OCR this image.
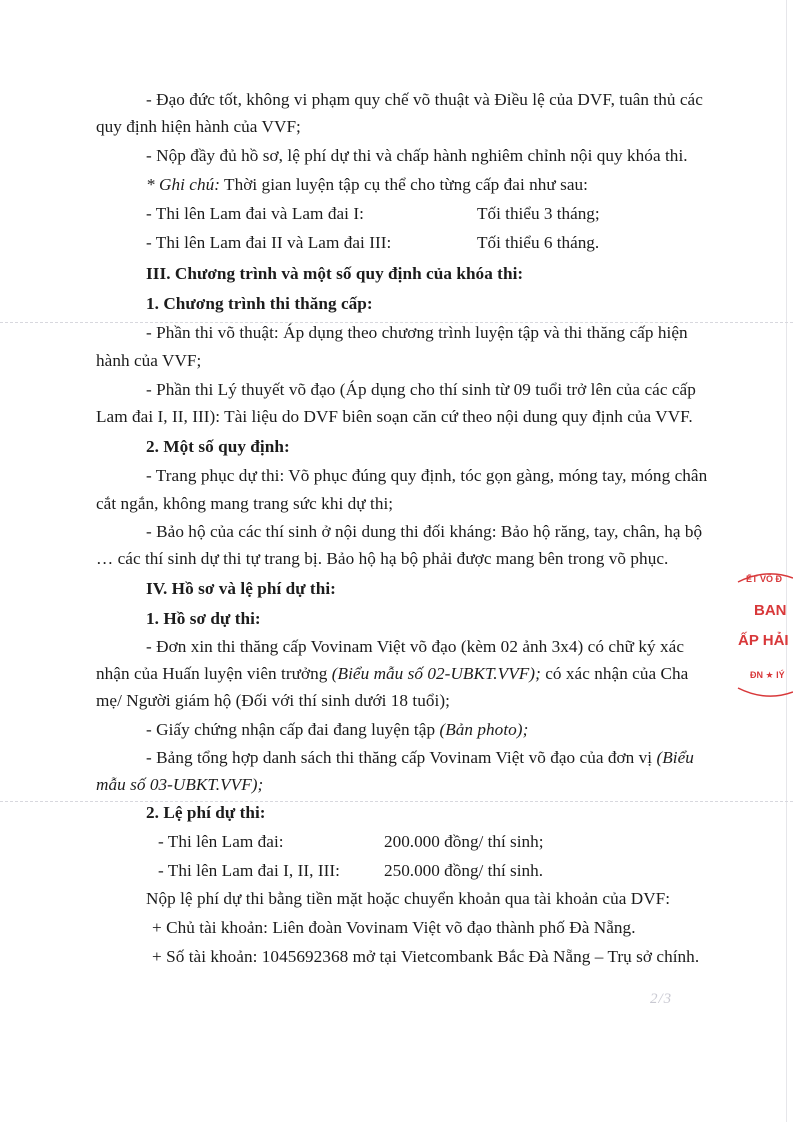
- Đạo đức tốt, không vi phạm quy chế võ thuật và Điều lệ của DVF, tuân thủ các
quy định hiện hành của VVF;
- Nộp đầy đủ hồ sơ, lệ phí dự thi và chấp hành nghiêm chỉnh nội quy khóa thi.
* Ghi chú: Thời gian luyện tập cụ thể cho từng cấp đai như sau:
- Thi lên Lam đai và Lam đai I:	Tối thiểu 3 tháng;
- Thi lên Lam đai II và Lam đai III:	Tối thiểu 6 tháng.
III. Chương trình và một số quy định của khóa thi:
1. Chương trình thi thăng cấp:
- Phần thi võ thuật: Áp dụng theo chương trình luyện tập và thi thăng cấp hiện
hành của VVF;
- Phần thi Lý thuyết võ đạo (Áp dụng cho thí sinh từ 09 tuổi trở lên của các cấp
Lam đai I, II, III): Tài liệu do DVF biên soạn căn cứ theo nội dung quy định của VVF.
2. Một số quy định:
- Trang phục dự thi: Võ phục đúng quy định, tóc gọn gàng, móng tay, móng chân
cắt ngắn, không mang trang sức khi dự thi;
- Bảo hộ của các thí sinh ở nội dung thi đối kháng: Bảo hộ răng, tay, chân, hạ bộ
… các thí sinh dự thi tự trang bị. Bảo hộ hạ bộ phải được mang bên trong võ phục.
IV. Hồ sơ và lệ phí dự thi:
1. Hồ sơ dự thi:
- Đơn xin thi thăng cấp Vovinam Việt võ đạo (kèm 02 ảnh 3x4) có chữ ký xác
nhận của Huấn luyện viên trưởng (Biểu mẫu số 02-UBKT.VVF); có xác nhận của Cha
mẹ/ Người giám hộ (Đối với thí sinh dưới 18 tuổi);
- Giấy chứng nhận cấp đai đang luyện tập (Bản photo);
- Bảng tổng hợp danh sách thi thăng cấp Vovinam Việt võ đạo của đơn vị (Biểu
mẫu số 03-UBKT.VVF);
2. Lệ phí dự thi:
- Thi lên Lam đai:	200.000 đồng/ thí sinh;
- Thi lên Lam đai I, II, III:	250.000 đồng/ thí sinh.
Nộp lệ phí dự thi bằng tiền mặt hoặc chuyển khoản qua tài khoản của DVF:
+ Chủ tài khoản: Liên đoàn Vovinam Việt võ đạo thành phố Đà Nẵng.
+ Số tài khoản: 1045692368 mở tại Vietcombank Bắc Đà Nẵng – Trụ sở chính.
2/3
ẾT VÕ Đ
BAN
ẤP HẢI
ĐN ★ IÝ
